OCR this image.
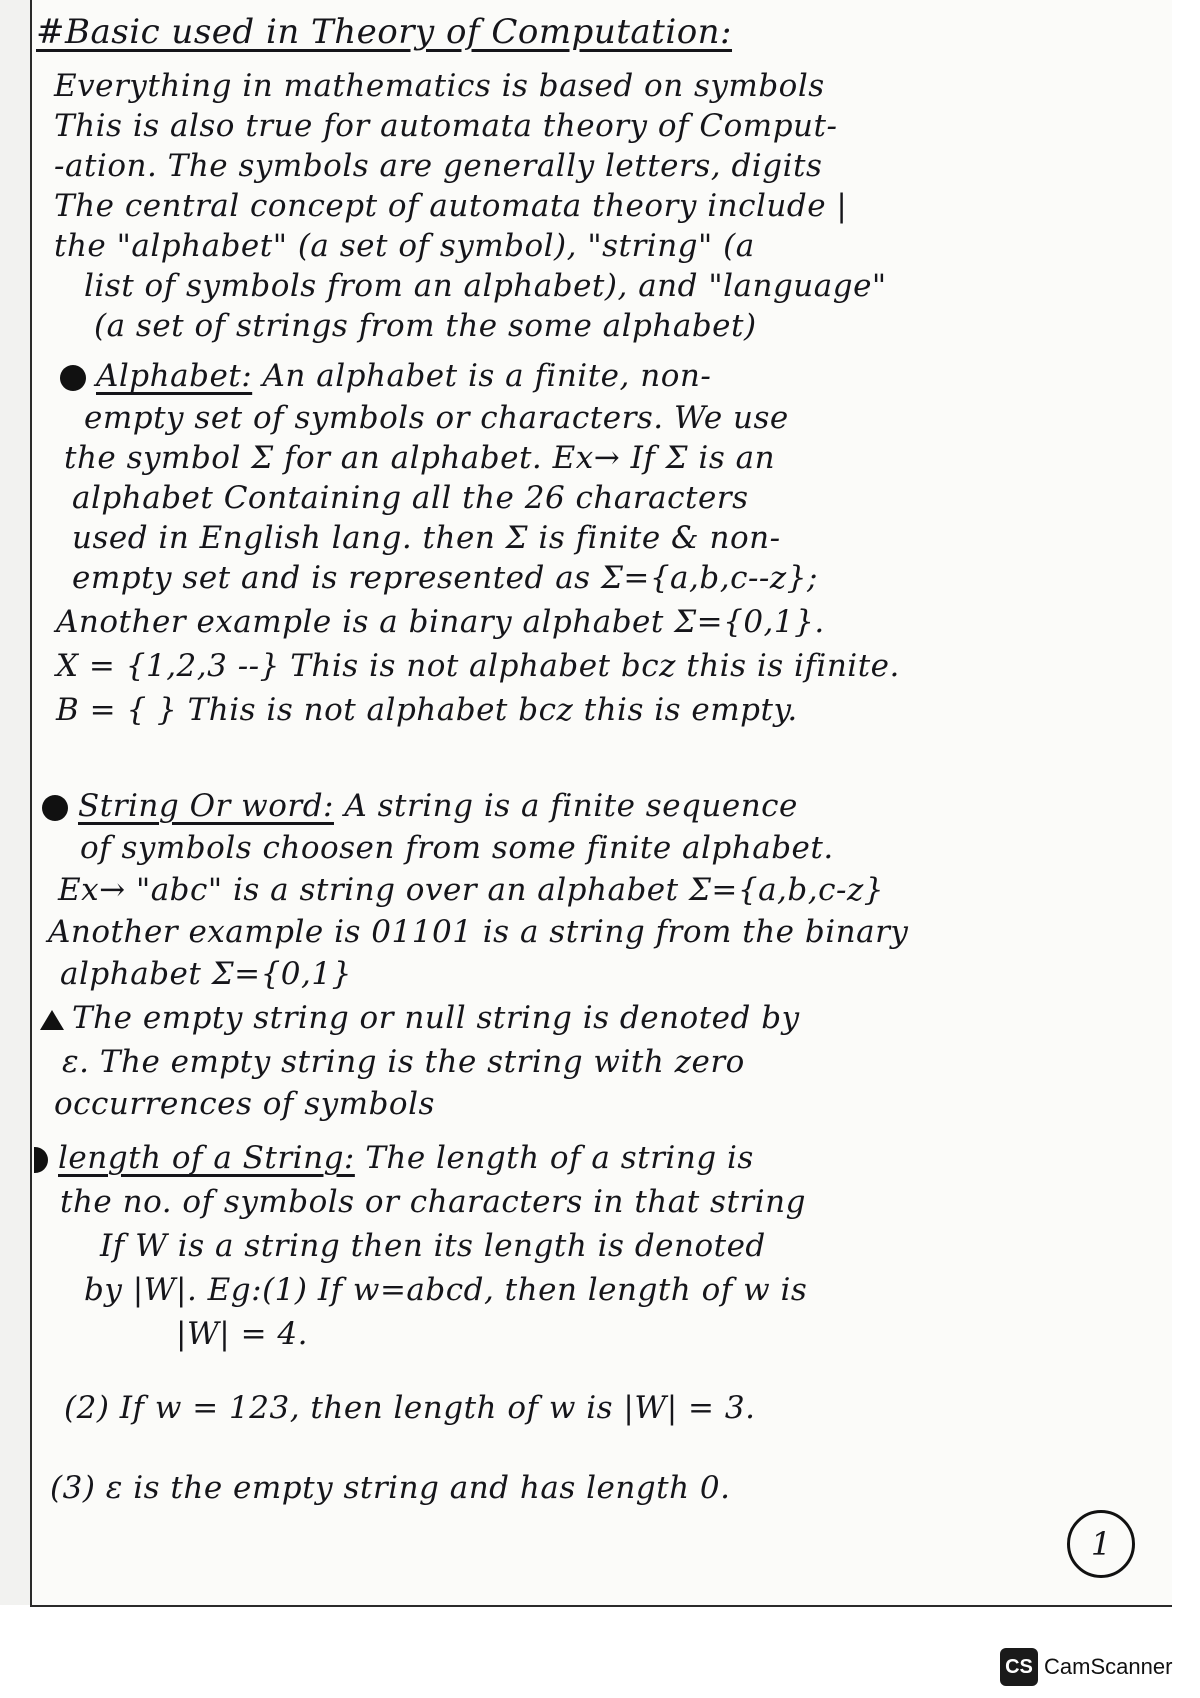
#Basic used in Theory of Computation:
Everything in mathematics is based on symbols
This is also true for automata theory of Comput-
-ation. The symbols are generally letters, digits
The central concept of automata theory include |
the "alphabet" (a set of symbol), "string" (a
list of symbols from an alphabet), and "language"
(a set of strings from the some alphabet)
Alphabet: An alphabet is a finite, non-
empty set of symbols or characters. We use
the symbol Σ for an alphabet. Ex→ If Σ is an
alphabet Containing all the 26 characters
used in English lang. then Σ is finite & non-
empty set and is represented as Σ={a,b,c--z};
Another example is a binary alphabet Σ={0,1}.
X = {1,2,3 --} This is not alphabet bcz this is ifinite.
B = { } This is not alphabet bcz this is empty.
String Or word: A string is a finite sequence
of symbols choosen from some finite alphabet.
Ex→ "abc" is a string over an alphabet Σ={a,b,c-z}
Another example is 01101 is a string from the binary
alphabet Σ={0,1}
The empty string or null string is denoted by
ε. The empty string is the string with zero
occurrences of symbols
length of a String: The length of a string is
the no. of symbols or characters in that string
If W is a string then its length is denoted
by |W|. Eg:(1) If w=abcd, then length of w is
|W| = 4.
(2) If w = 123, then length of w is |W| = 3.
(3) ε is the empty string and has length 0.
1
CS CamScanner
